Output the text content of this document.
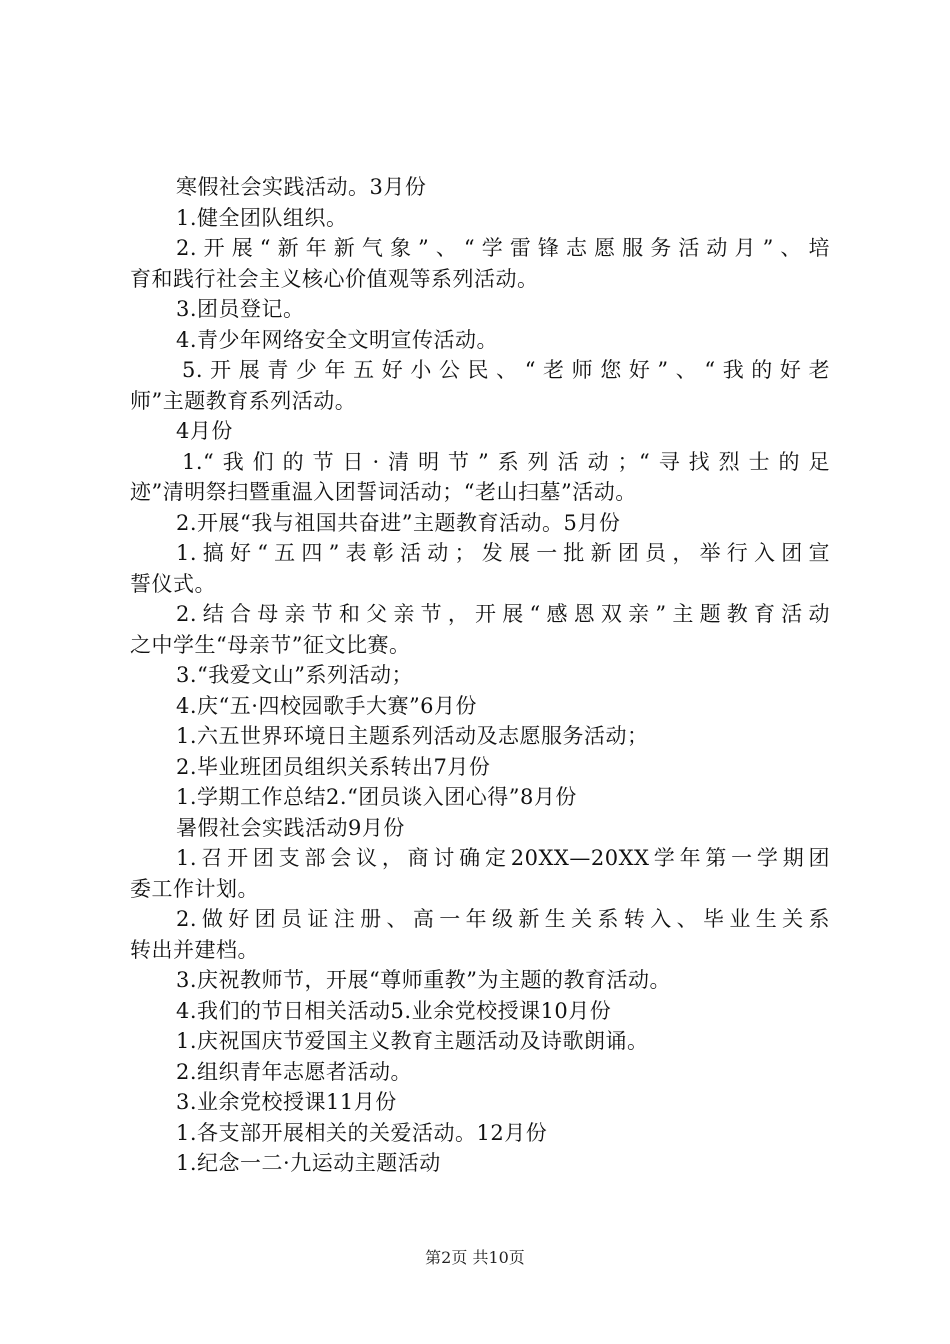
寒假社会实践活动。3月份
1.健全团队组织。
2.开展“新年新气象”、“学雷锋志愿服务活动月”、培
育和践行社会主义核心价值观等系列活动。
3.团员登记。
4.青少年网络安全文明宣传活动。
5.开展青少年五好小公民、“老师您好”、“我的好老
师”主题教育系列活动。
4月份
1.“我们的节日·清明节”系列活动；“寻找烈士的足
迹”清明祭扫暨重温入团誓词活动；“老山扫墓”活动。
2.开展“我与祖国共奋进”主题教育活动。5月份
1.搞好“五四”表彰活动；发展一批新团员，举行入团宣
誓仪式。
2.结合母亲节和父亲节，开展“感恩双亲”主题教育活动
之中学生“母亲节”征文比赛。
3.“我爱文山”系列活动；
4.庆“五·四校园歌手大赛”6月份
1.六五世界环境日主题系列活动及志愿服务活动；
2.毕业班团员组织关系转出7月份
1.学期工作总结2.“团员谈入团心得”8月份
暑假社会实践活动9月份
1.召开团支部会议，商讨确定20XX—20XX学年第一学期团
委工作计划。
2.做好团员证注册、高一年级新生关系转入、毕业生关系
转出并建档。
3.庆祝教师节，开展“尊师重教”为主题的教育活动。
4.我们的节日相关活动5.业余党校授课10月份
1.庆祝国庆节爱国主义教育主题活动及诗歌朗诵。
2.组织青年志愿者活动。
3.业余党校授课11月份
1.各支部开展相关的关爱活动。12月份
1.纪念一二·九运动主题活动
第2页 共10页
